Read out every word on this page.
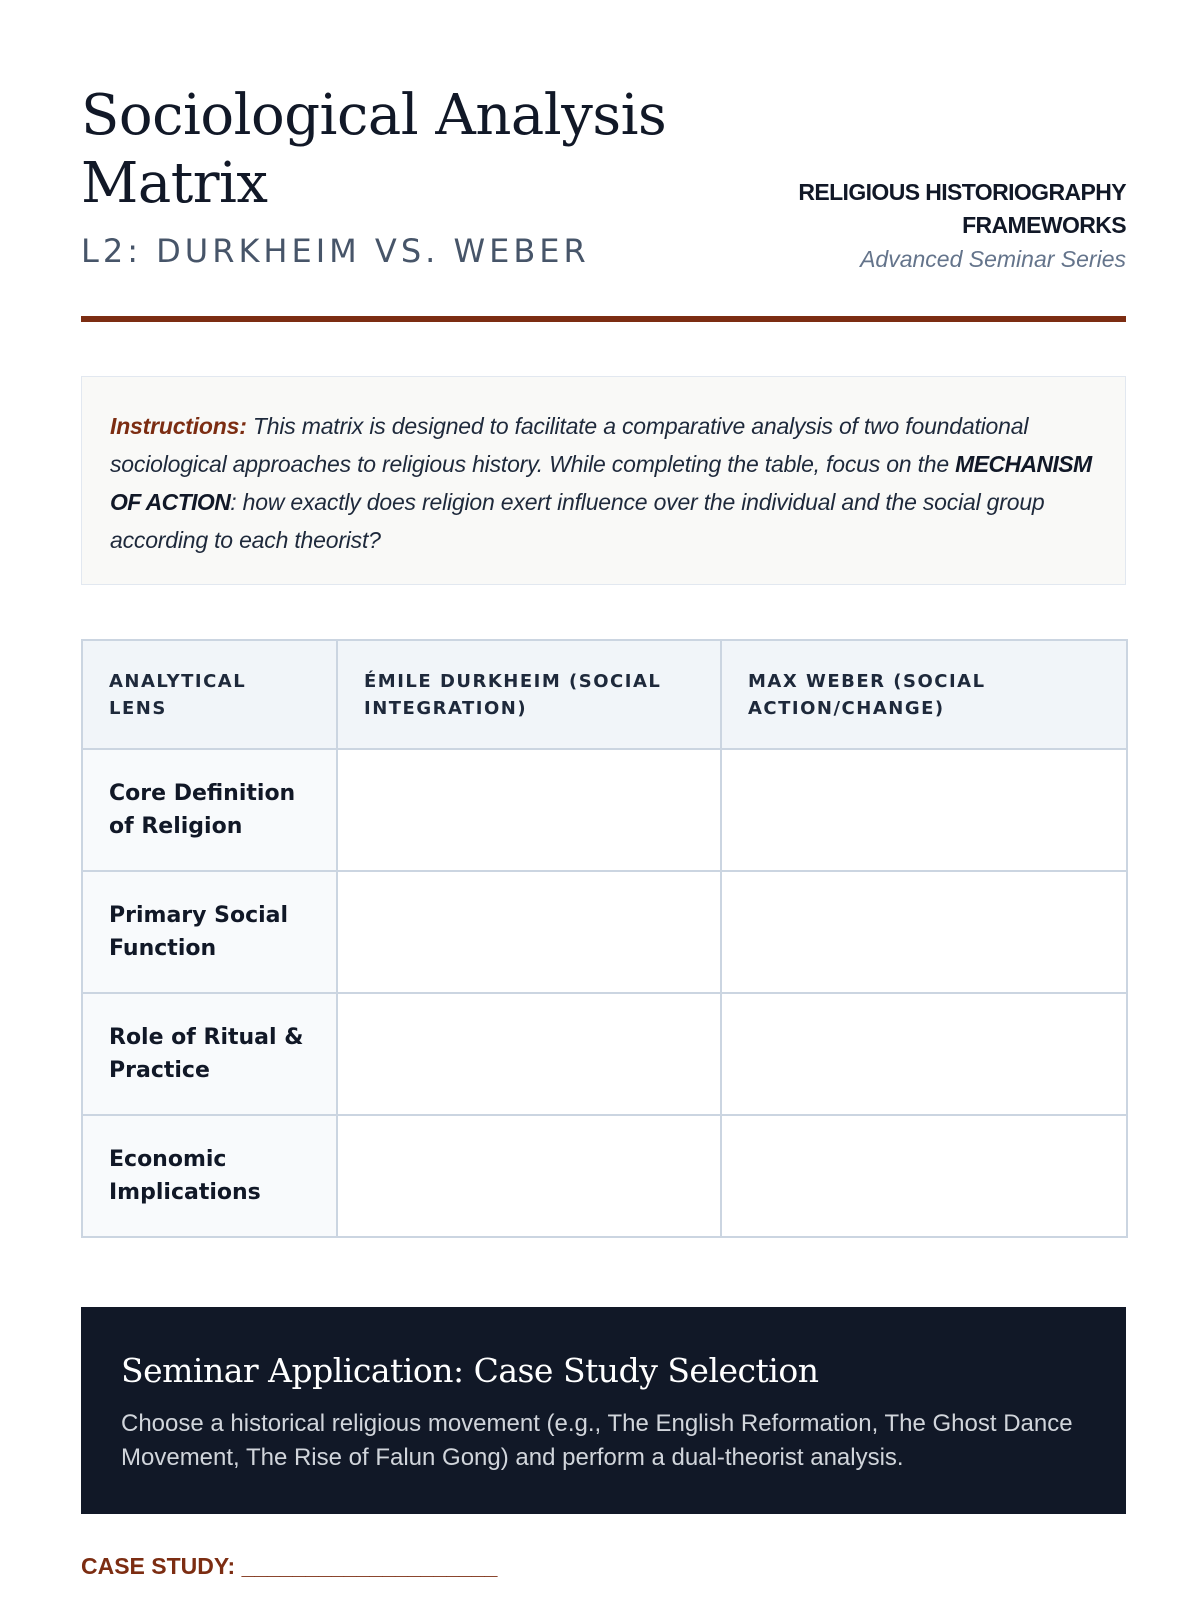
Sociological Analysis Matrix
L2: DURKHEIM VS. WEBER
RELIGIOUS HISTORIOGRAPHY FRAMEWORKS
Advanced Seminar Series
Instructions: This matrix is designed to facilitate a comparative analysis of two foundational sociological approaches to religious history. While completing the table, focus on the MECHANISM OF ACTION: how exactly does religion exert influence over the individual and the social group according to each theorist?
ANALYTICAL LENS	ÉMILE DURKHEIM (SOCIAL INTEGRATION)	MAX WEBER (SOCIAL ACTION/CHANGE)
Core Definition of Religion		
Primary Social Function		
Role of Ritual & Practice		
Economic Implications		
Seminar Application: Case Study Selection
Choose a historical religious movement (e.g., The English Reformation, The Ghost Dance Movement, The Rise of Falun Gong) and perform a dual-theorist analysis.
CASE STUDY: ____________________
